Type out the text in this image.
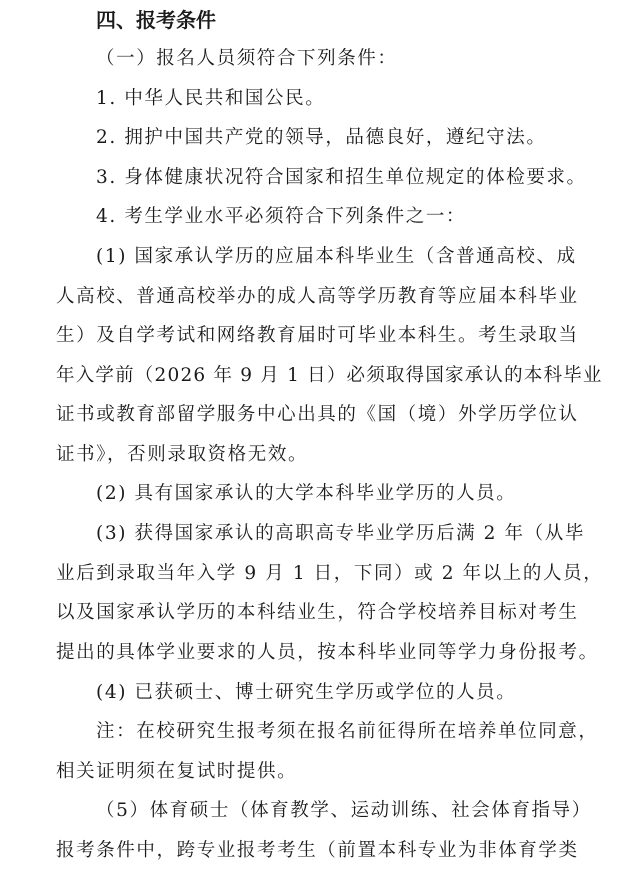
四、报考条件
（一）报名人员须符合下列条件：
1. 中华人民共和国公民。
2. 拥护中国共产党的领导，品德良好，遵纪守法。
3. 身体健康状况符合国家和招生单位规定的体检要求。
4. 考生学业水平必须符合下列条件之一：
(1) 国家承认学历的应届本科毕业生（含普通高校、成
人高校、普通高校举办的成人高等学历教育等应届本科毕业
生）及自学考试和网络教育届时可毕业本科生。考生录取当
年入学前（2026 年 9 月 1 日）必须取得国家承认的本科毕业
证书或教育部留学服务中心出具的《国（境）外学历学位认
证书》，否则录取资格无效。
(2) 具有国家承认的大学本科毕业学历的人员。
(3) 获得国家承认的高职高专毕业学历后满 2 年（从毕
业后到录取当年入学 9 月 1 日，下同）或 2 年以上的人员，
以及国家承认学历的本科结业生，符合学校培养目标对考生
提出的具体学业要求的人员，按本科毕业同等学力身份报考。
(4) 已获硕士、博士研究生学历或学位的人员。
注：在校研究生报考须在报名前征得所在培养单位同意，
相关证明须在复试时提供。
（5）体育硕士（体育教学、运动训练、社会体育指导）
报考条件中，跨专业报考考生（前置本科专业为非体育学类
